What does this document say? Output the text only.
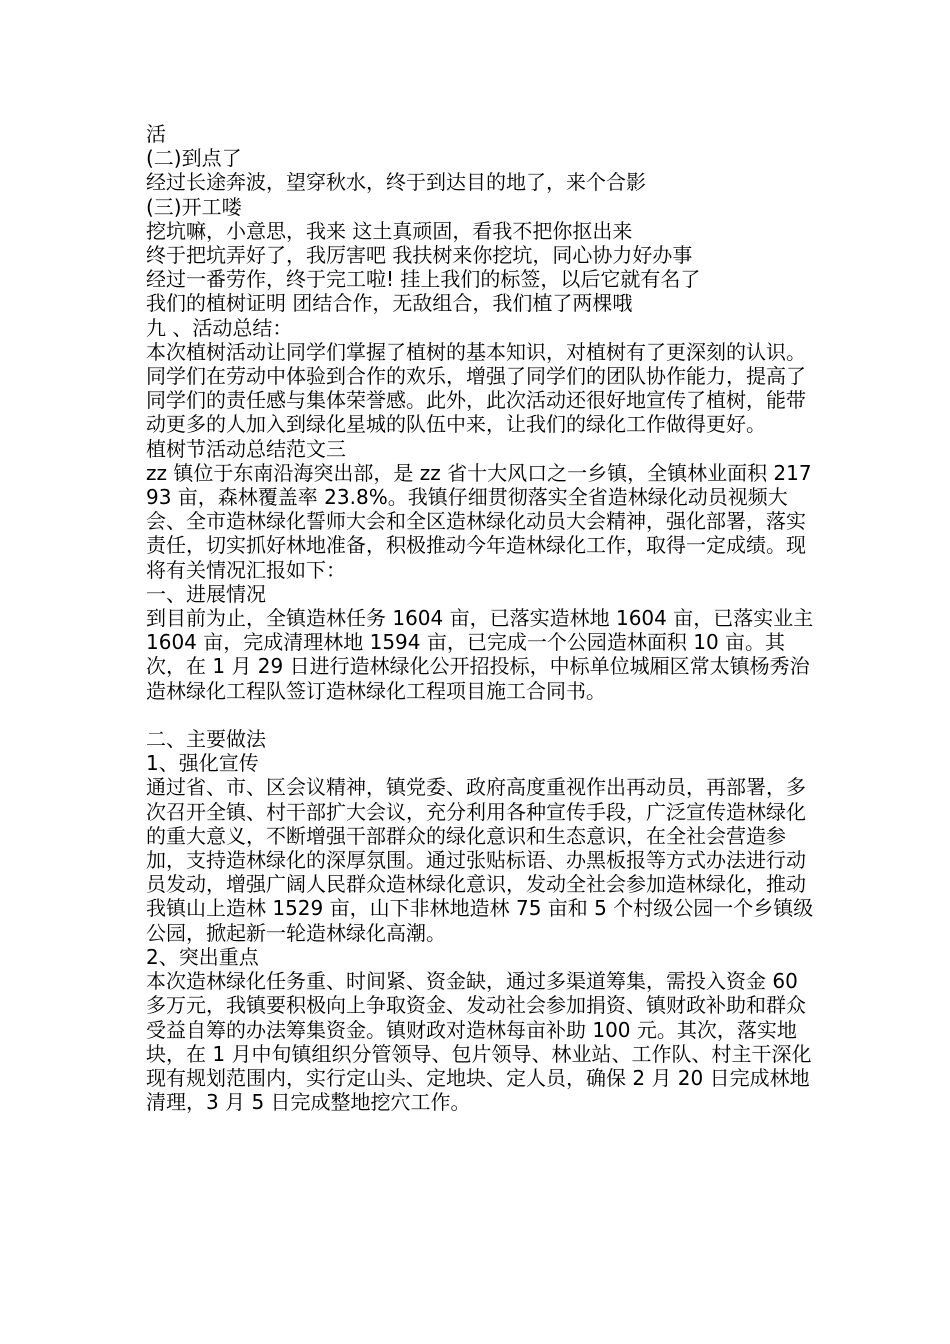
活

(二)到点了

经过长途奔波，望穿秋水，终于到达目的地了，来个合影

(三)开工喽

挖坑嘛，小意思，我来 这土真顽固，看我不把你抠出来

终于把坑弄好了，我厉害吧 我扶树来你挖坑，同心协力好办事

经过一番劳作，终于完工啦! 挂上我们的标签，以后它就有名了

我们的植树证明 团结合作，无敌组合，我们植了两棵哦

九 、活动总结：

本次植树活动让同学们掌握了植树的基本知识，对植树有了更深刻的认识。同学们在劳动中体验到合作的欢乐，增强了同学们的团队协作能力，提高了同学们的责任感与集体荣誉感。此外，此次活动还很好地宣传了植树，能带动更多的人加入到绿化星城的队伍中来，让我们的绿化工作做得更好。

植树节活动总结范文三

zz 镇位于东南沿海突出部，是 zz 省十大风口之一乡镇，全镇林业面积 21793 亩，森林覆盖率 23.8%。我镇仔细贯彻落实全省造林绿化动员视频大会、全市造林绿化誓师大会和全区造林绿化动员大会精神，强化部署，落实责任，切实抓好林地准备，积极推动今年造林绿化工作，取得一定成绩。现将有关情况汇报如下：

一、进展情况

到目前为止，全镇造林任务 1604 亩，已落实造林地 1604 亩，已落实业主 1604 亩，完成清理林地 1594 亩，已完成一个公园造林面积 10 亩。其次，在 1 月 29 日进行造林绿化公开招投标，中标单位城厢区常太镇杨秀治造林绿化工程队签订造林绿化工程项目施工合同书。

二、主要做法

1、强化宣传

通过省、市、区会议精神，镇党委、政府高度重视作出再动员，再部署，多次召开全镇、村干部扩大会议，充分利用各种宣传手段，广泛宣传造林绿化的重大意义，不断增强干部群众的绿化意识和生态意识，在全社会营造参加，支持造林绿化的深厚氛围。通过张贴标语、办黑板报等方式办法进行动员发动，增强广阔人民群众造林绿化意识，发动全社会参加造林绿化，推动我镇山上造林 1529 亩，山下非林地造林 75 亩和 5 个村级公园一个乡镇级公园，掀起新一轮造林绿化高潮。

2、突出重点

本次造林绿化任务重、时间紧、资金缺，通过多渠道筹集，需投入资金 60 多万元，我镇要积极向上争取资金、发动社会参加捐资、镇财政补助和群众受益自筹的办法筹集资金。镇财政对造林每亩补助 100 元。其次，落实地块，在 1 月中旬镇组织分管领导、包片领导、林业站、工作队、村主干深化现有规划范围内，实行定山头、定地块、定人员，确保 2 月 20 日完成林地清理，3 月 5 日完成整地挖穴工作。
